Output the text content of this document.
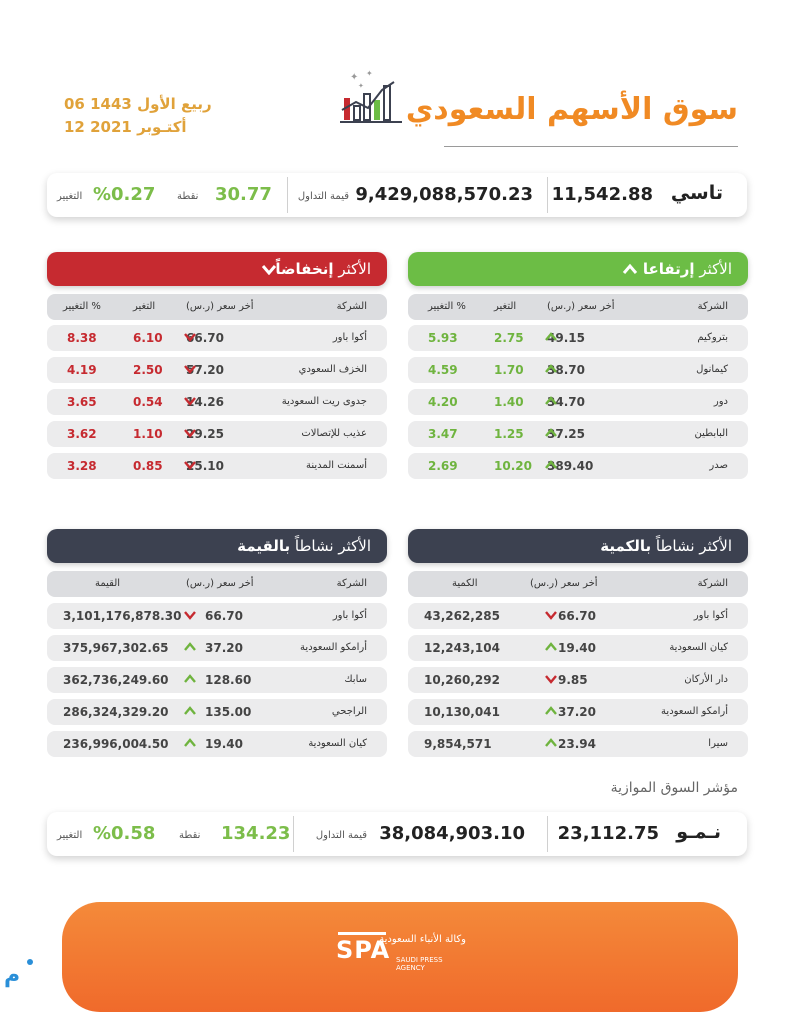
سوق الأسهم السعودي
06 ربيع الأول 1443
12 أكتـوبر 2021
✦ ✦
✦
تاسي
11,542.88
9,429,088,570.23
قيمة التداول
30.77
نقطة
%0.27
التغيير
الأكثر إرتفاعا
الشركة
أخر سعر (ر.س)
التغير
التغيير %
بتروكيم
49.15
2.75
5.93
كيمانول
38.70
1.70
4.59
دور
34.70
1.40
4.20
البابطين
37.25
1.25
3.47
صدر
389.40
10.20
2.69
الأكثر إنخفاضاً
الشركة
أخر سعر (ر.س)
التغير
التغيير %
أكوا باور
66.70
6.10
8.38
الخزف السعودي
57.20
2.50
4.19
جدوى ريت السعودية
14.26
0.54
3.65
عذيب للإتصالات
29.25
1.10
3.62
أسمنت المدينة
25.10
0.85
3.28
الأكثر نشاطاً بالكمية
الشركة
أخر سعر (ر.س)
الكمية
أكوا باور
66.70
43,262,285
كيان السعودية
19.40
12,243,104
دار الأركان
9.85
10,260,292
أرامكو السعودية
37.20
10,130,041
سيرا
23.94
9,854,571
الأكثر نشاطاً بالقيمة
الشركة
أخر سعر (ر.س)
القيمة
أكوا باور
66.70
3,101,176,878.30
أرامكو السعودية
37.20
375,967,302.65
سابك
128.60
362,736,249.60
الراجحي
135.00
286,324,329.20
كيان السعودية
19.40
236,996,004.50
مؤشر السوق الموازية
نـمـو
23,112.75
38,084,903.10
قيمة التداول
134.23
نقطة
%0.58
التغيير
SPA
وكالة الأنباء السعودية
SAUDI PRESS AGENCY
م
